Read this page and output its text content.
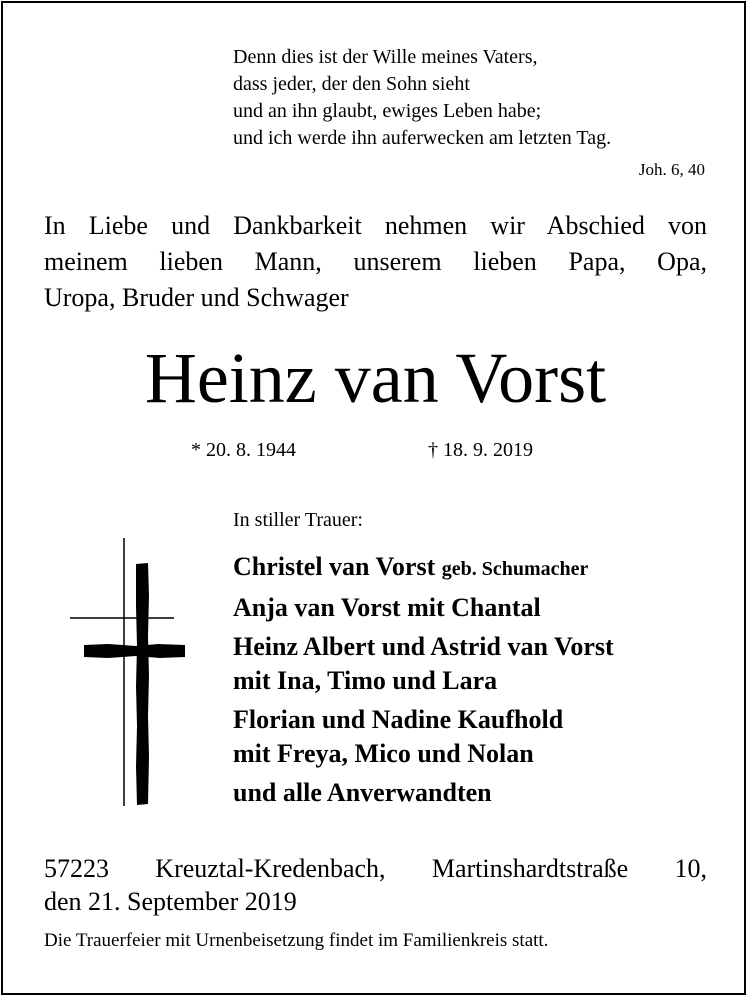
Denn dies ist der Wille meines Vaters,
dass jeder, der den Sohn sieht
und an ihn glaubt, ewiges Leben habe;
und ich werde ihn auferwecken am letzten Tag.
Joh. 6, 40
In Liebe und Dankbarkeit nehmen wir Abschied von
meinem lieben Mann, unserem lieben Papa, Opa,
Uropa, Bruder und Schwager
Heinz van Vorst
* 20. 8. 1944	† 18. 9. 2019
In stiller Trauer:
Christel van Vorst geb. Schumacher
Anja van Vorst mit Chantal
Heinz Albert und Astrid van Vorst
mit Ina, Timo und Lara
Florian und Nadine Kaufhold
mit Freya, Mico und Nolan
und alle Anverwandten
57223 Kreuztal-Kredenbach, Martinshardtstraße 10,
den 21. September 2019
Die Trauerfeier mit Urnenbeisetzung findet im Familienkreis statt.
